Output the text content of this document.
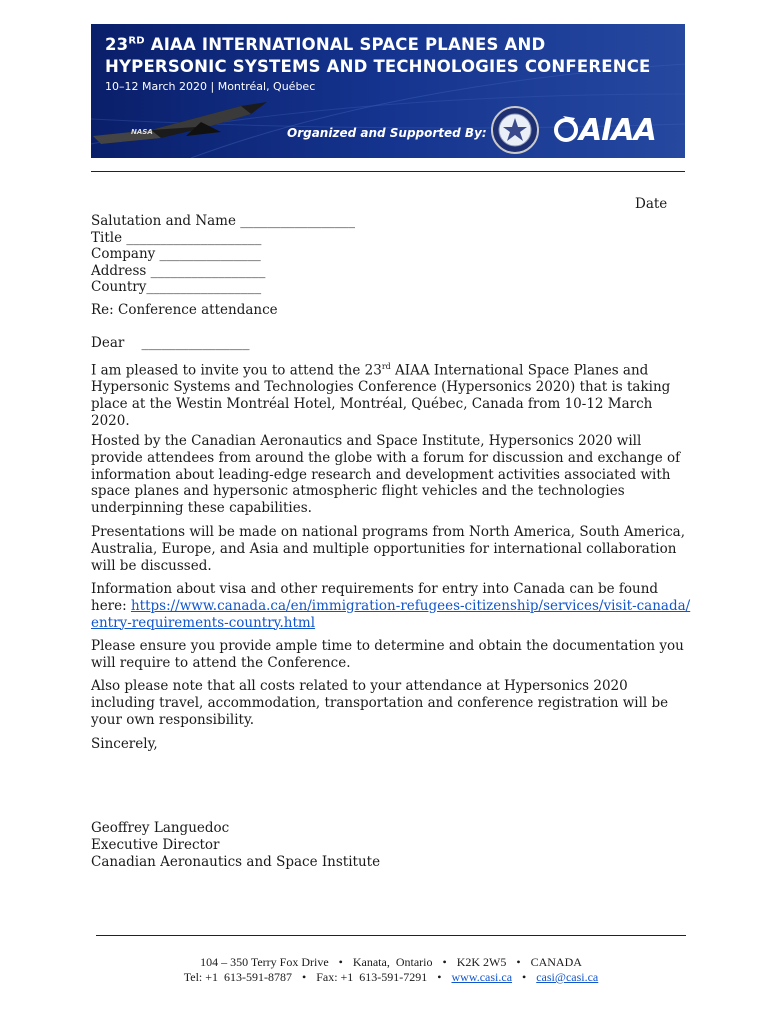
23RD AIAA INTERNATIONAL SPACE PLANES AND
HYPERSONIC SYSTEMS AND TECHNOLOGIES CONFERENCE
10–12 March 2020 | Montréal, Québec
NASA	Organized and Supported By:	AIAA
Date
Salutation and Name _________________
Title ____________________
Company _______________
Address _________________
Country_________________
Re: Conference attendance
Dear    ________________

I am pleased to invite you to attend the 23rd AIAA International Space Planes and Hypersonic Systems and Technologies Conference (Hypersonics 2020) that is taking place at the Westin Montréal Hotel, Montréal, Québec, Canada from 10-12 March 2020.

Hosted by the Canadian Aeronautics and Space Institute, Hypersonics 2020 will provide attendees from around the globe with a forum for discussion and exchange of information about leading-edge research and development activities associated with space planes and hypersonic atmospheric flight vehicles and the technologies underpinning these capabilities.

Presentations will be made on national programs from North America, South America, Australia, Europe, and Asia and multiple opportunities for international collaboration will be discussed.

Information about visa and other requirements for entry into Canada can be found here: https://www.canada.ca/en/immigration-refugees-citizenship/services/visit-canada/entry-requirements-country.html

Please ensure you provide ample time to determine and obtain the documentation you will require to attend the Conference.

Also please note that all costs related to your attendance at Hypersonics 2020 including travel, accommodation, transportation and conference registration will be your own responsibility.

Sincerely,
Geoffrey Languedoc
Executive Director
Canadian Aeronautics and Space Institute
104 – 350 Terry Fox Drive • Kanata,  Ontario • K2K 2W5 • CANADA
Tel: +1  613-591-8787 • Fax: +1  613-591-7291 • www.casi.ca • casi@casi.ca
